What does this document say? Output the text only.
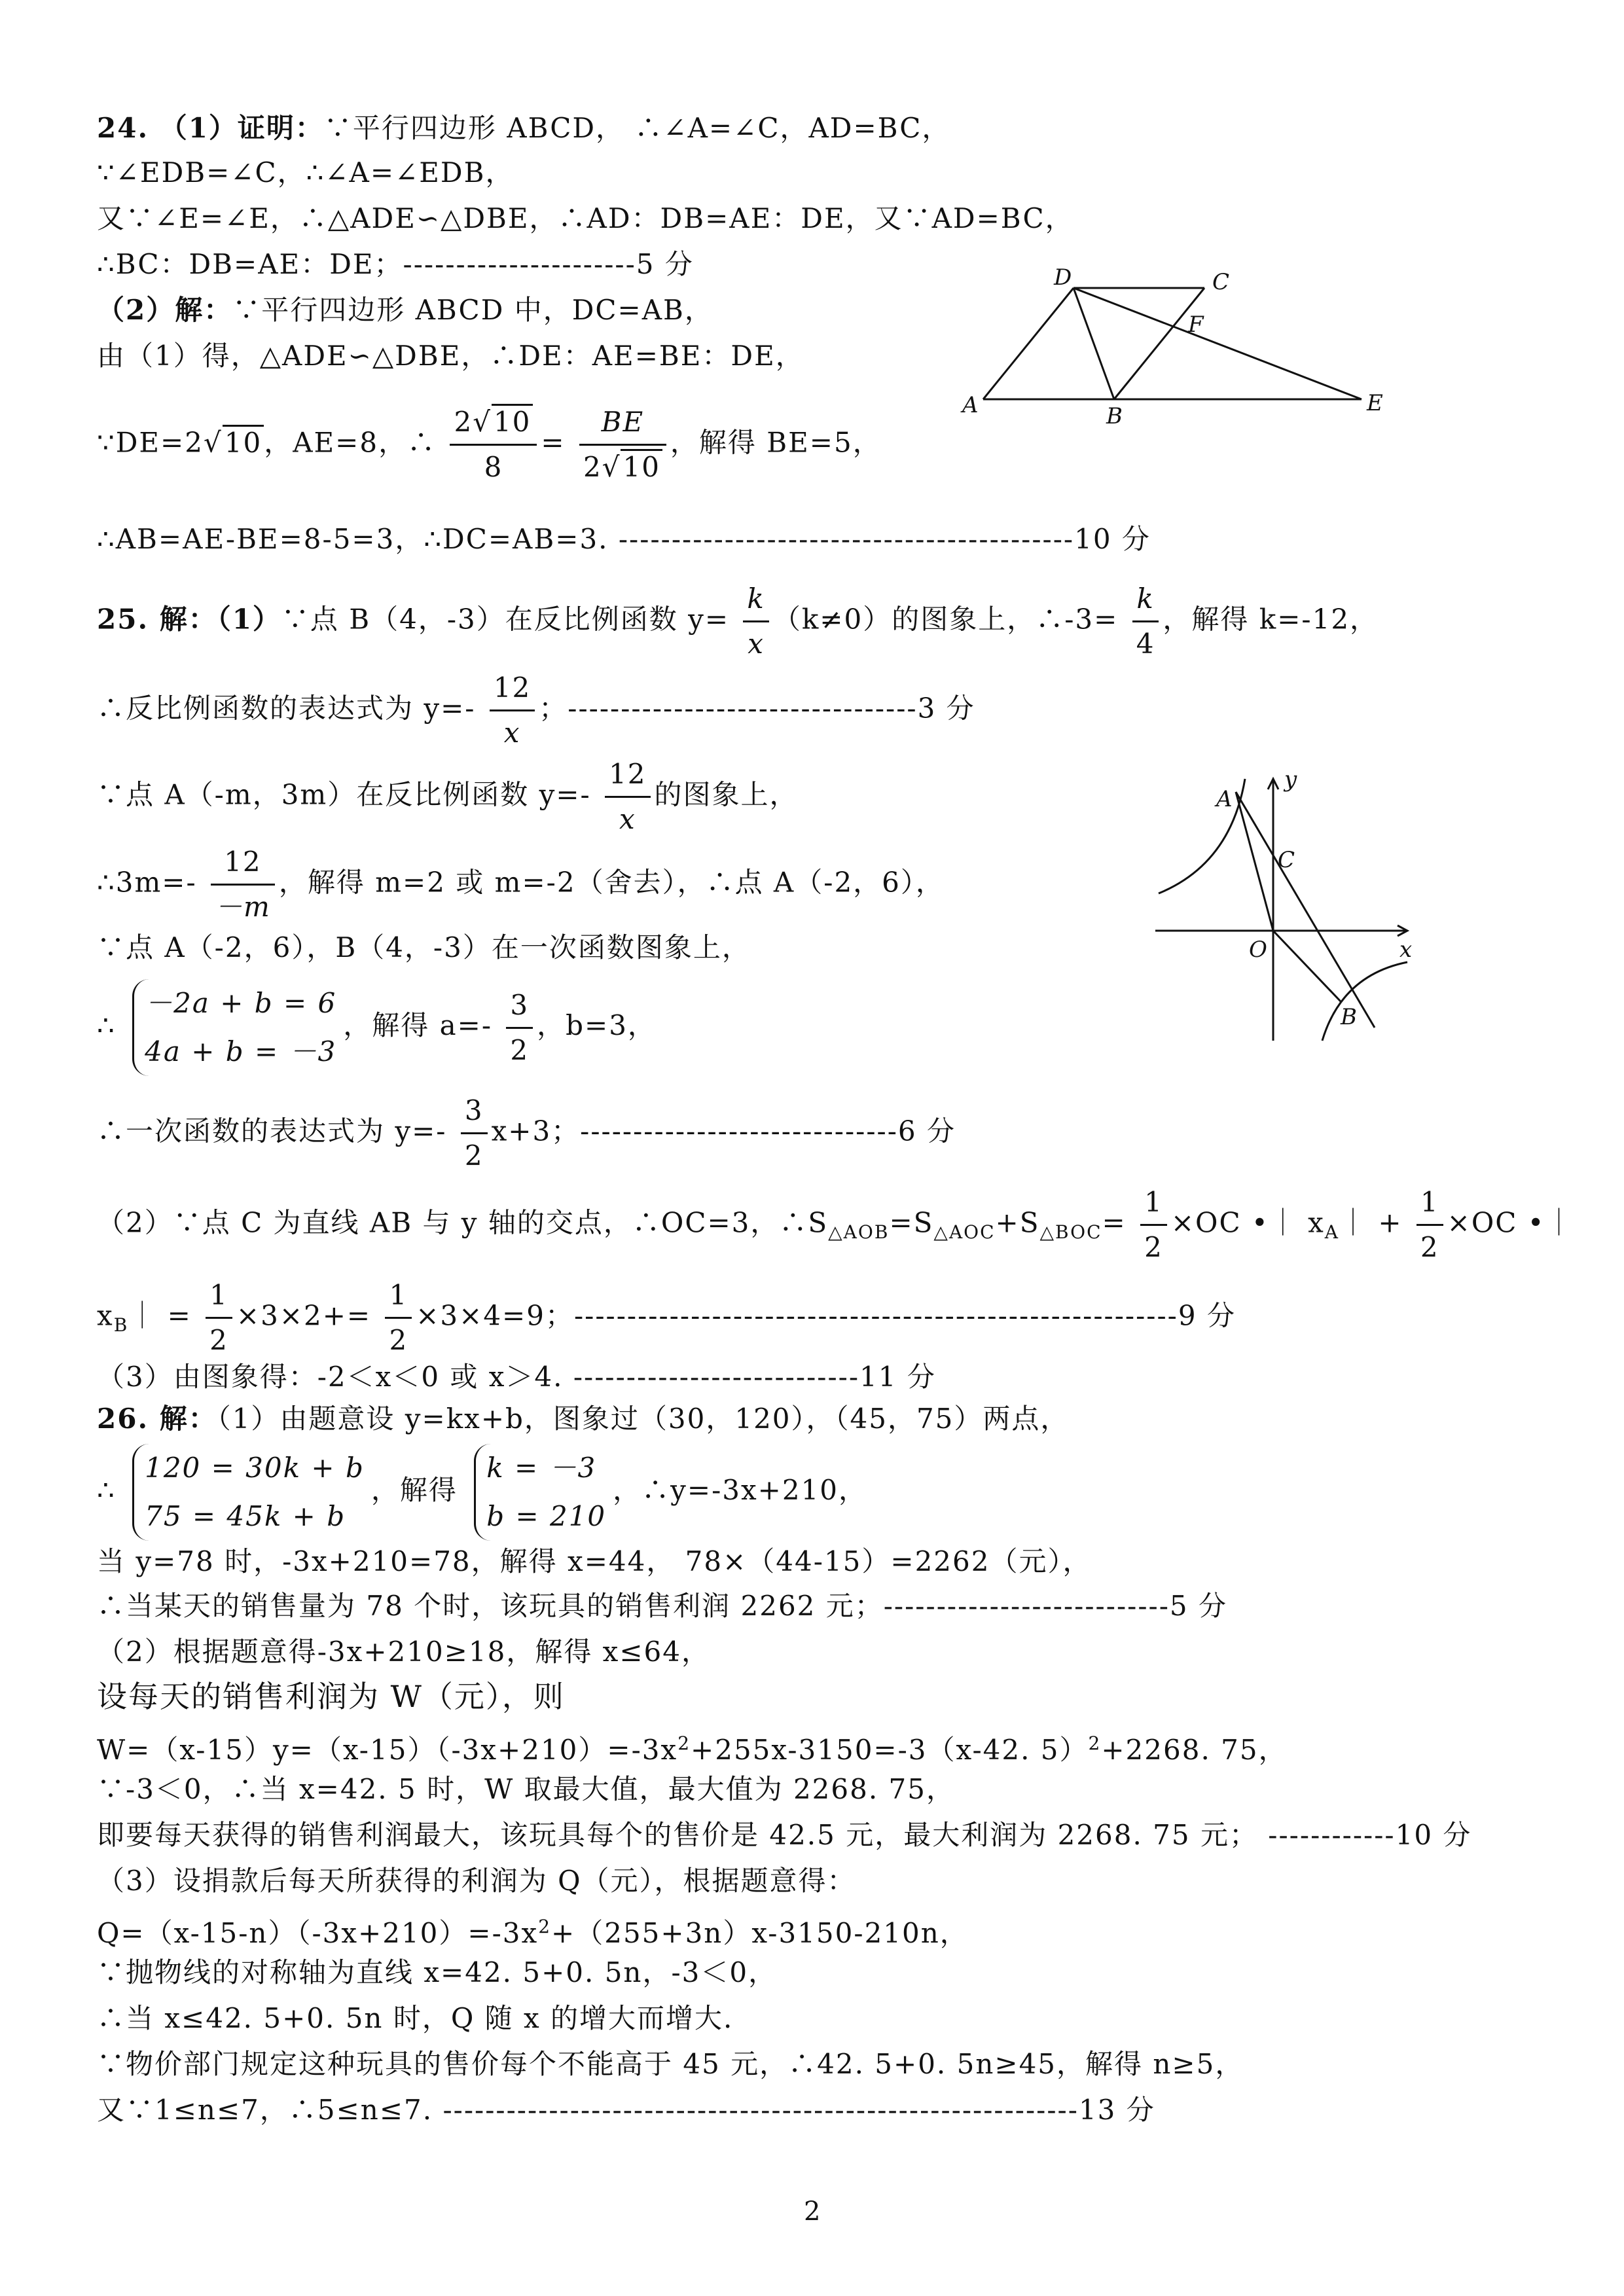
24. （1）证明：∵平行四边形 ABCD， ∴∠A=∠C，AD=BC，
∵∠EDB=∠C，∴∠A=∠EDB，
又∵∠E=∠E，∴△ADE∽△DBE，∴AD：DB=AE：DE，又∵AD=BC，
∴BC：DB=AE：DE；----------------------5 分
（2）解：∵平行四边形 ABCD 中，DC=AB，
由（1）得，△ADE∽△DBE，∴DE：AE=BE：DE，
∵DE=2√10，AE=8，∴ $\frac{2√10}{8} = \frac{BE}{2√10}$ ，解得 BE=5，
∴AB=AE-BE=8-5=3，∴DC=AB=3. -------------------------------------------10 分
A	B
C
D
E
F
25. 解：（1）∵点 B（4，-3）在反比例函数 $y= \frac{k}{x} (k\ne 0)$的图象上，∴-3= $\frac{k}{4}$ ，解得 k=-12，
∴反比例函数的表达式为 $y=- \frac{12}{x}$ ；---------------------------------3 分
∵点 A（-m，3m）在反比例函数 $y=- \frac{12}{x}$ 的图象上，
∴3m=- $\frac{12}{-m}$ ，解得 m=2 或 m=-2（舍去），∴点 A（-2，6），
∵点 A（-2，6），B（4，-3）在一次函数图象上，
∴
－2a + b = 6
4a + b = －3
，解得 $a=- \frac{3}{2}$ ，b=3，
∴一次函数的表达式为 $y=- \frac{3}{2} x+3$；------------------------------6 分
（2）∵点 C 为直线 AB 与 y 轴的交点，∴OC=3，$\therefore S_{\triangle AOB}=S_{\triangle AOC}+S_{\triangle BOC}= \frac{1}{2} \times OC$ •｜ $x_A| + \frac{1}{2} \times OC$ •｜
$x_B| = \frac{1}{2} \times 3\times 2+= \frac{1}{2} \times 3\times 4=9$；---------------------------------------------------------9 分
（3）由图象得：-2＜x＜0 或 x＞4. ---------------------------11 分
A
B
C
O	x
y
26. 解：（1）由题意设 y=kx+b，图象过（30，120），（45，75）两点，
∴
120 = 30k + b
75 = 45k + b
，解得
k = －3
b = 210
，∴y=-3x+210，
当 y=78 时，-3x+210=78，解得 x=44， 78×（44-15）=2262（元），
∴当某天的销售量为 78 个时，该玩具的销售利润 2262 元；---------------------------5 分
（2）根据题意得-3x+210≥18，解得 x≤64，
设每天的销售利润为 W（元），则
$W=(x-15)y=(x-15)(-3x+210)=-3x^2+255x-3150=-3(x-42$. 5）$^2$+2268. 75，
∵-3＜0，∴当 x=42. 5 时，W 取最大值，最大值为 2268. 75，
即要每天获得的销售利润最大，该玩具每个的售价是 42.5 元，最大利润为 2268. 75 元； ------------10 分
（3）设捐款后每天所获得的利润为 Q（元），根据题意得：
$Q=(x-15-n)(-3x+210)=-3x^2+(255+3n)x-3150-210n$，
∵抛物线的对称轴为直线 x=42. 5+0. 5n，-3＜0，
∴当 x≤42. 5+0. 5n 时，Q 随 x 的增大而增大.
∵物价部门规定这种玩具的售价每个不能高于 45 元，∴42. 5+0. 5n≥45，解得 n≥5，
又∵1≤n≤7，∴5≤n≤7. ------------------------------------------------------------13 分
2
